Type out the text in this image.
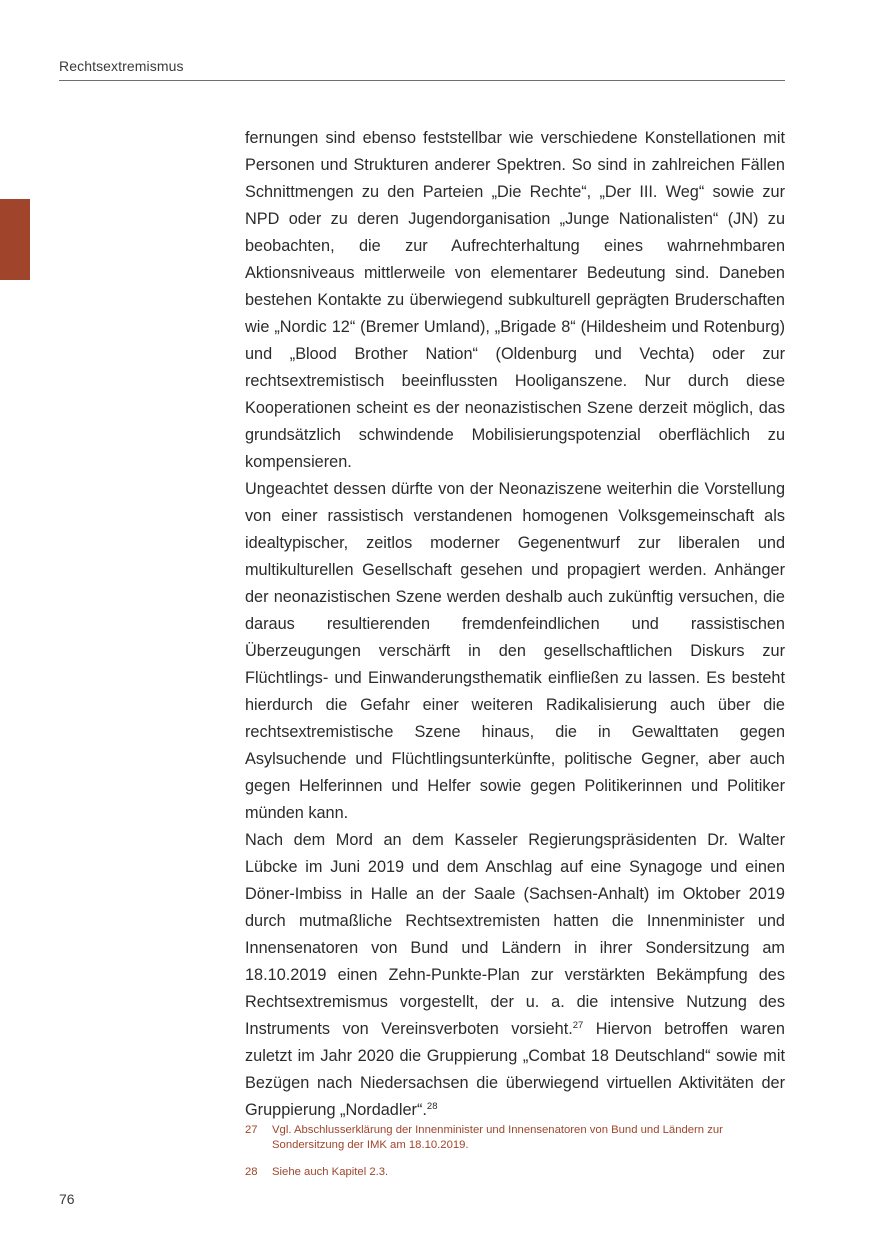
Rechtsextremismus

fernungen sind ebenso feststellbar wie verschiedene Konstellationen mit Personen und Strukturen anderer Spektren. So sind in zahlreichen Fällen Schnittmengen zu den Parteien „Die Rechte“, „Der III. Weg“ sowie zur NPD oder zu deren Jugendorganisation „Junge Nationalisten“ (JN) zu beobachten, die zur Aufrechterhaltung eines wahrnehmbaren Aktionsniveaus mittlerweile von elementarer Bedeutung sind. Daneben bestehen Kontakte zu überwiegend subkulturell geprägten Bruderschaften wie „Nordic 12“ (Bremer Umland), „Brigade 8“ (Hildesheim und Rotenburg) und „Blood Brother Nation“ (Oldenburg und Vechta) oder zur rechtsextremistisch beeinflussten Hooliganszene. Nur durch diese Kooperationen scheint es der neonazistischen Szene derzeit möglich, das grundsätzlich schwindende Mobilisierungspotenzial oberflächlich zu kompensieren.

Ungeachtet dessen dürfte von der Neonaziszene weiterhin die Vorstellung von einer rassistisch verstandenen homogenen Volksgemeinschaft als idealtypischer, zeitlos moderner Gegenentwurf zur liberalen und multikulturellen Gesellschaft gesehen und propagiert werden. Anhänger der neonazistischen Szene werden deshalb auch zukünftig versuchen, die daraus resultierenden fremdenfeindlichen und rassistischen Überzeugungen verschärft in den gesellschaftlichen Diskurs zur Flüchtlings- und Einwanderungsthematik einfließen zu lassen. Es besteht hierdurch die Gefahr einer weiteren Radikalisierung auch über die rechtsextremistische Szene hinaus, die in Gewalttaten gegen Asylsuchende und Flüchtlingsunterkünfte, politische Gegner, aber auch gegen Helferinnen und Helfer sowie gegen Politikerinnen und Politiker münden kann.

Nach dem Mord an dem Kasseler Regierungspräsidenten Dr. Walter Lübcke im Juni 2019 und dem Anschlag auf eine Synagoge und einen Döner-Imbiss in Halle an der Saale (Sachsen-Anhalt) im Oktober 2019 durch mutmaßliche Rechtsextremisten hatten die Innenminister und Innensenatoren von Bund und Ländern in ihrer Sondersitzung am 18.10.2019 einen Zehn-Punkte-Plan zur verstärkten Bekämpfung des Rechtsextremismus vorgestellt, der u. a. die intensive Nutzung des Instruments von Vereinsverboten vorsieht.$^{27}$ Hiervon betroffen waren zuletzt im Jahr 2020 die Gruppierung „Combat 18 Deutschland“ sowie mit Bezügen nach Niedersachsen die überwiegend virtuellen Aktivitäten der Gruppierung „Nordadler“.$^{28}$

27	Vgl. Abschlusserklärung der Innenminister und Innensenatoren von Bund und Ländern zur Sondersitzung der IMK am 18.10.2019.
28	Siehe auch Kapitel 2.3.
76
